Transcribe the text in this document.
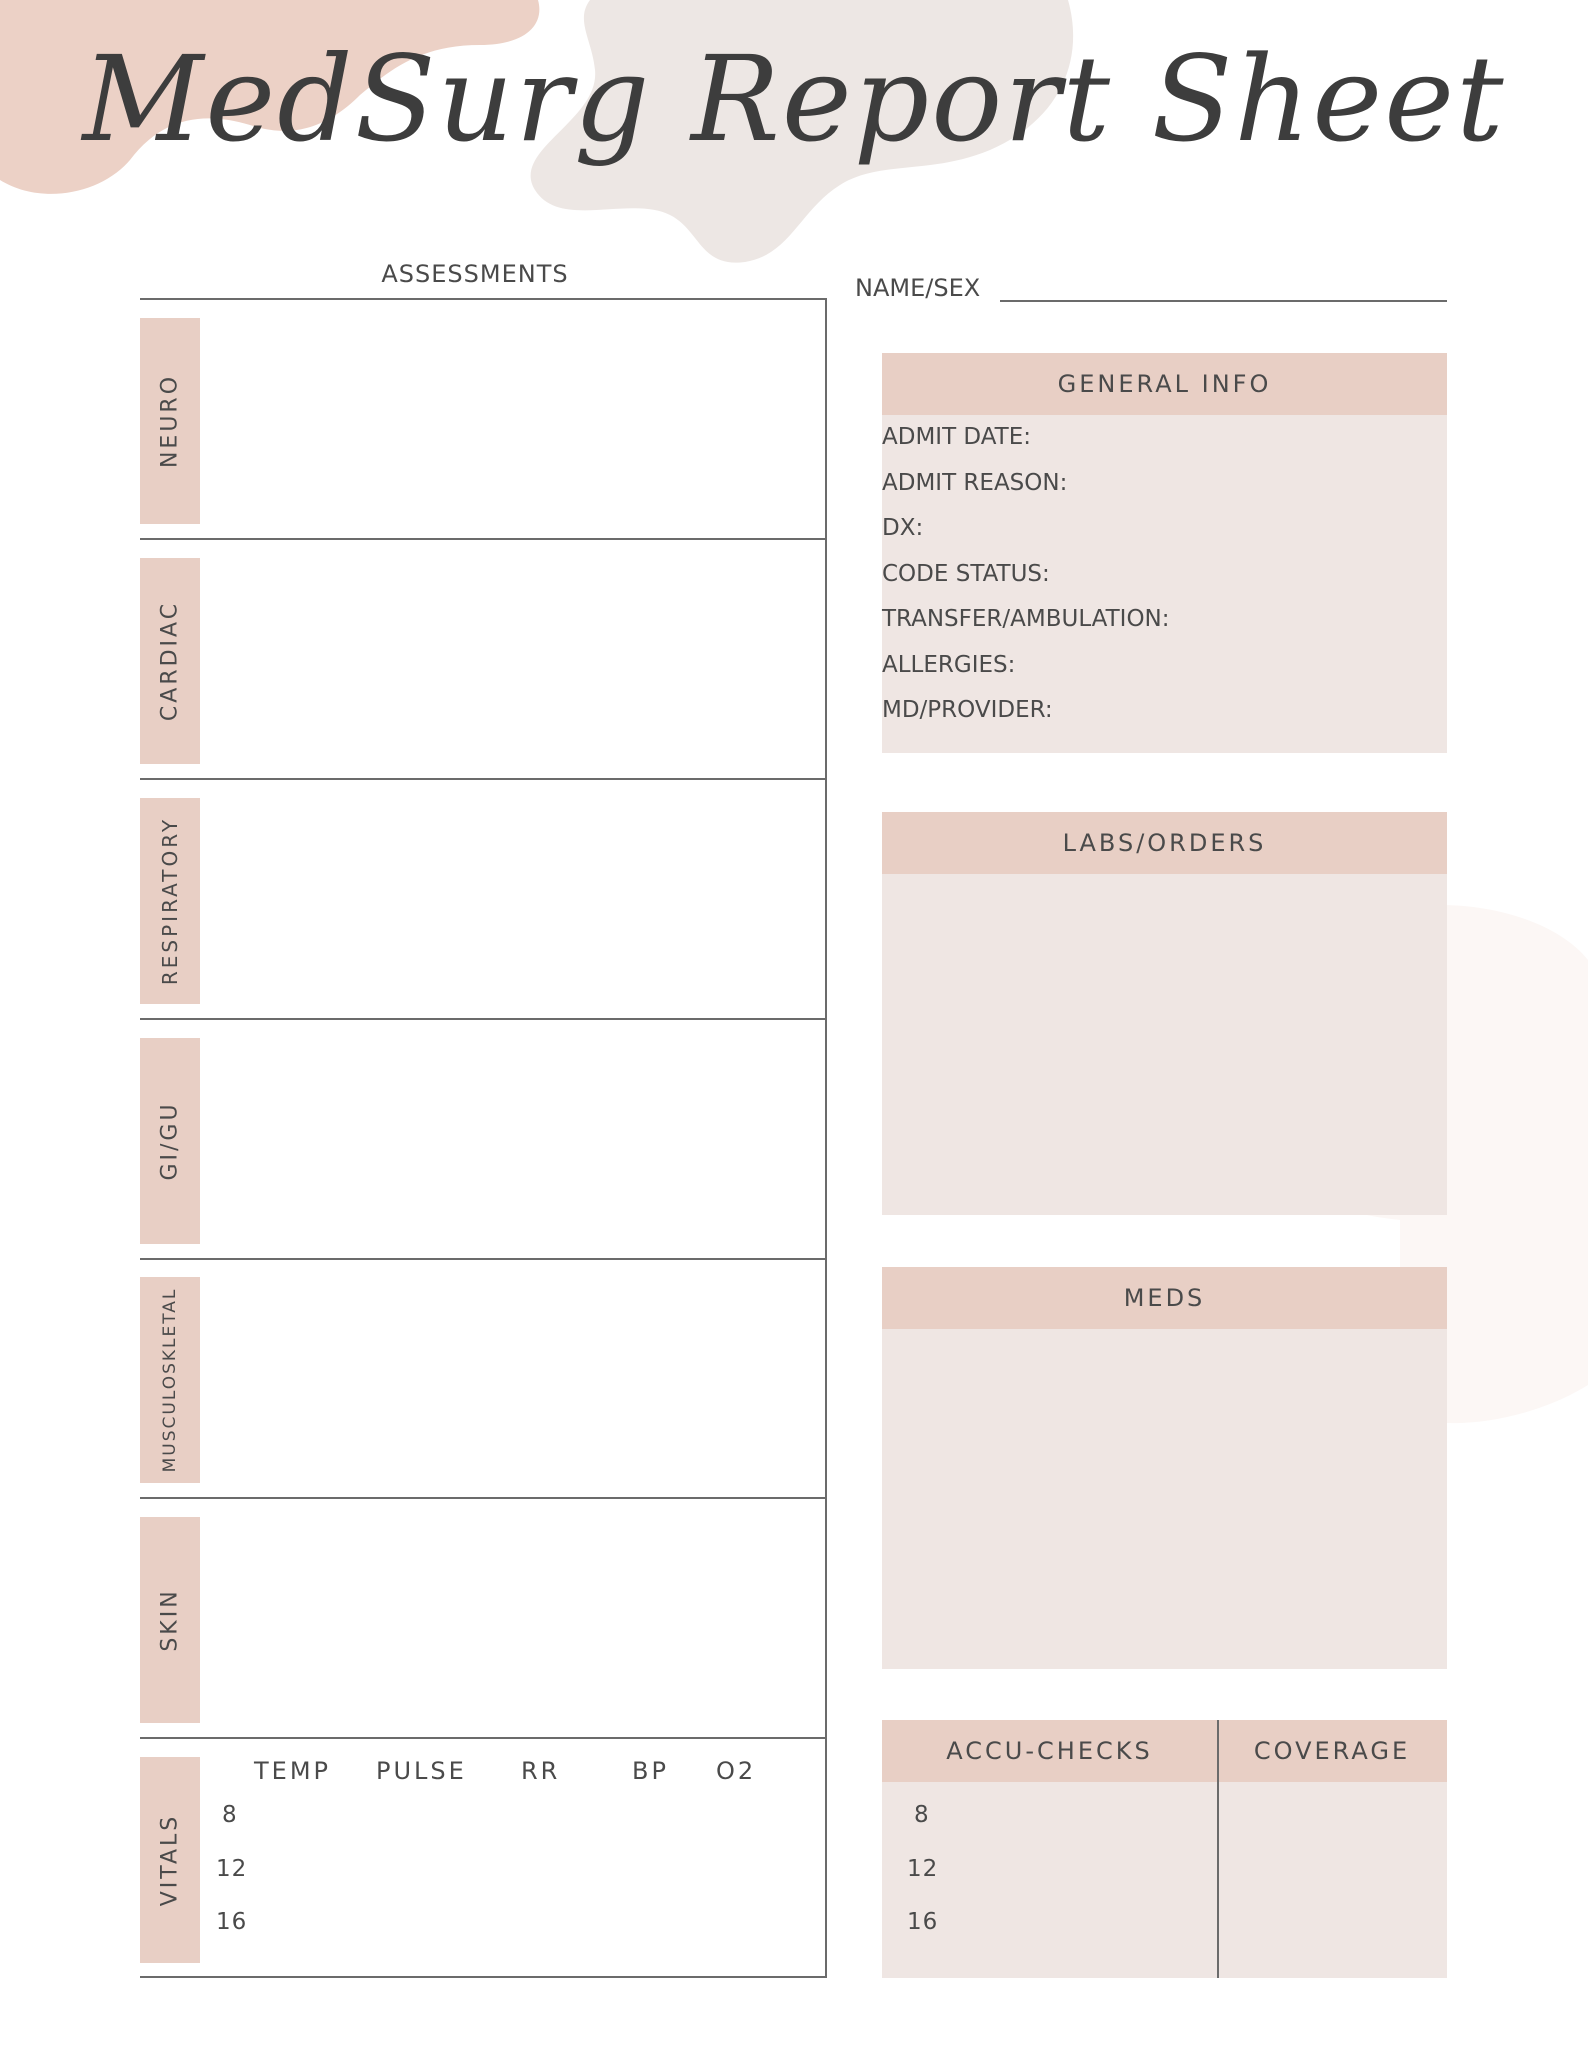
MedSurg Report Sheet
ASSESSMENTS
NEURO
CARDIAC
RESPIRATORY
GI/GU
MUSCULOSKLETAL
SKIN
VITALS
TEMP PULSE RR	BP O2
8
12
16
NAME/SEX
GENERAL INFO
ADMIT DATE:
ADMIT REASON:
DX:
CODE STATUS:
TRANSFER/AMBULATION:
ALLERGIES:
MD/PROVIDER:
LABS/ORDERS
MEDS
ACCU-CHECKS	COVERAGE
8
12
16
